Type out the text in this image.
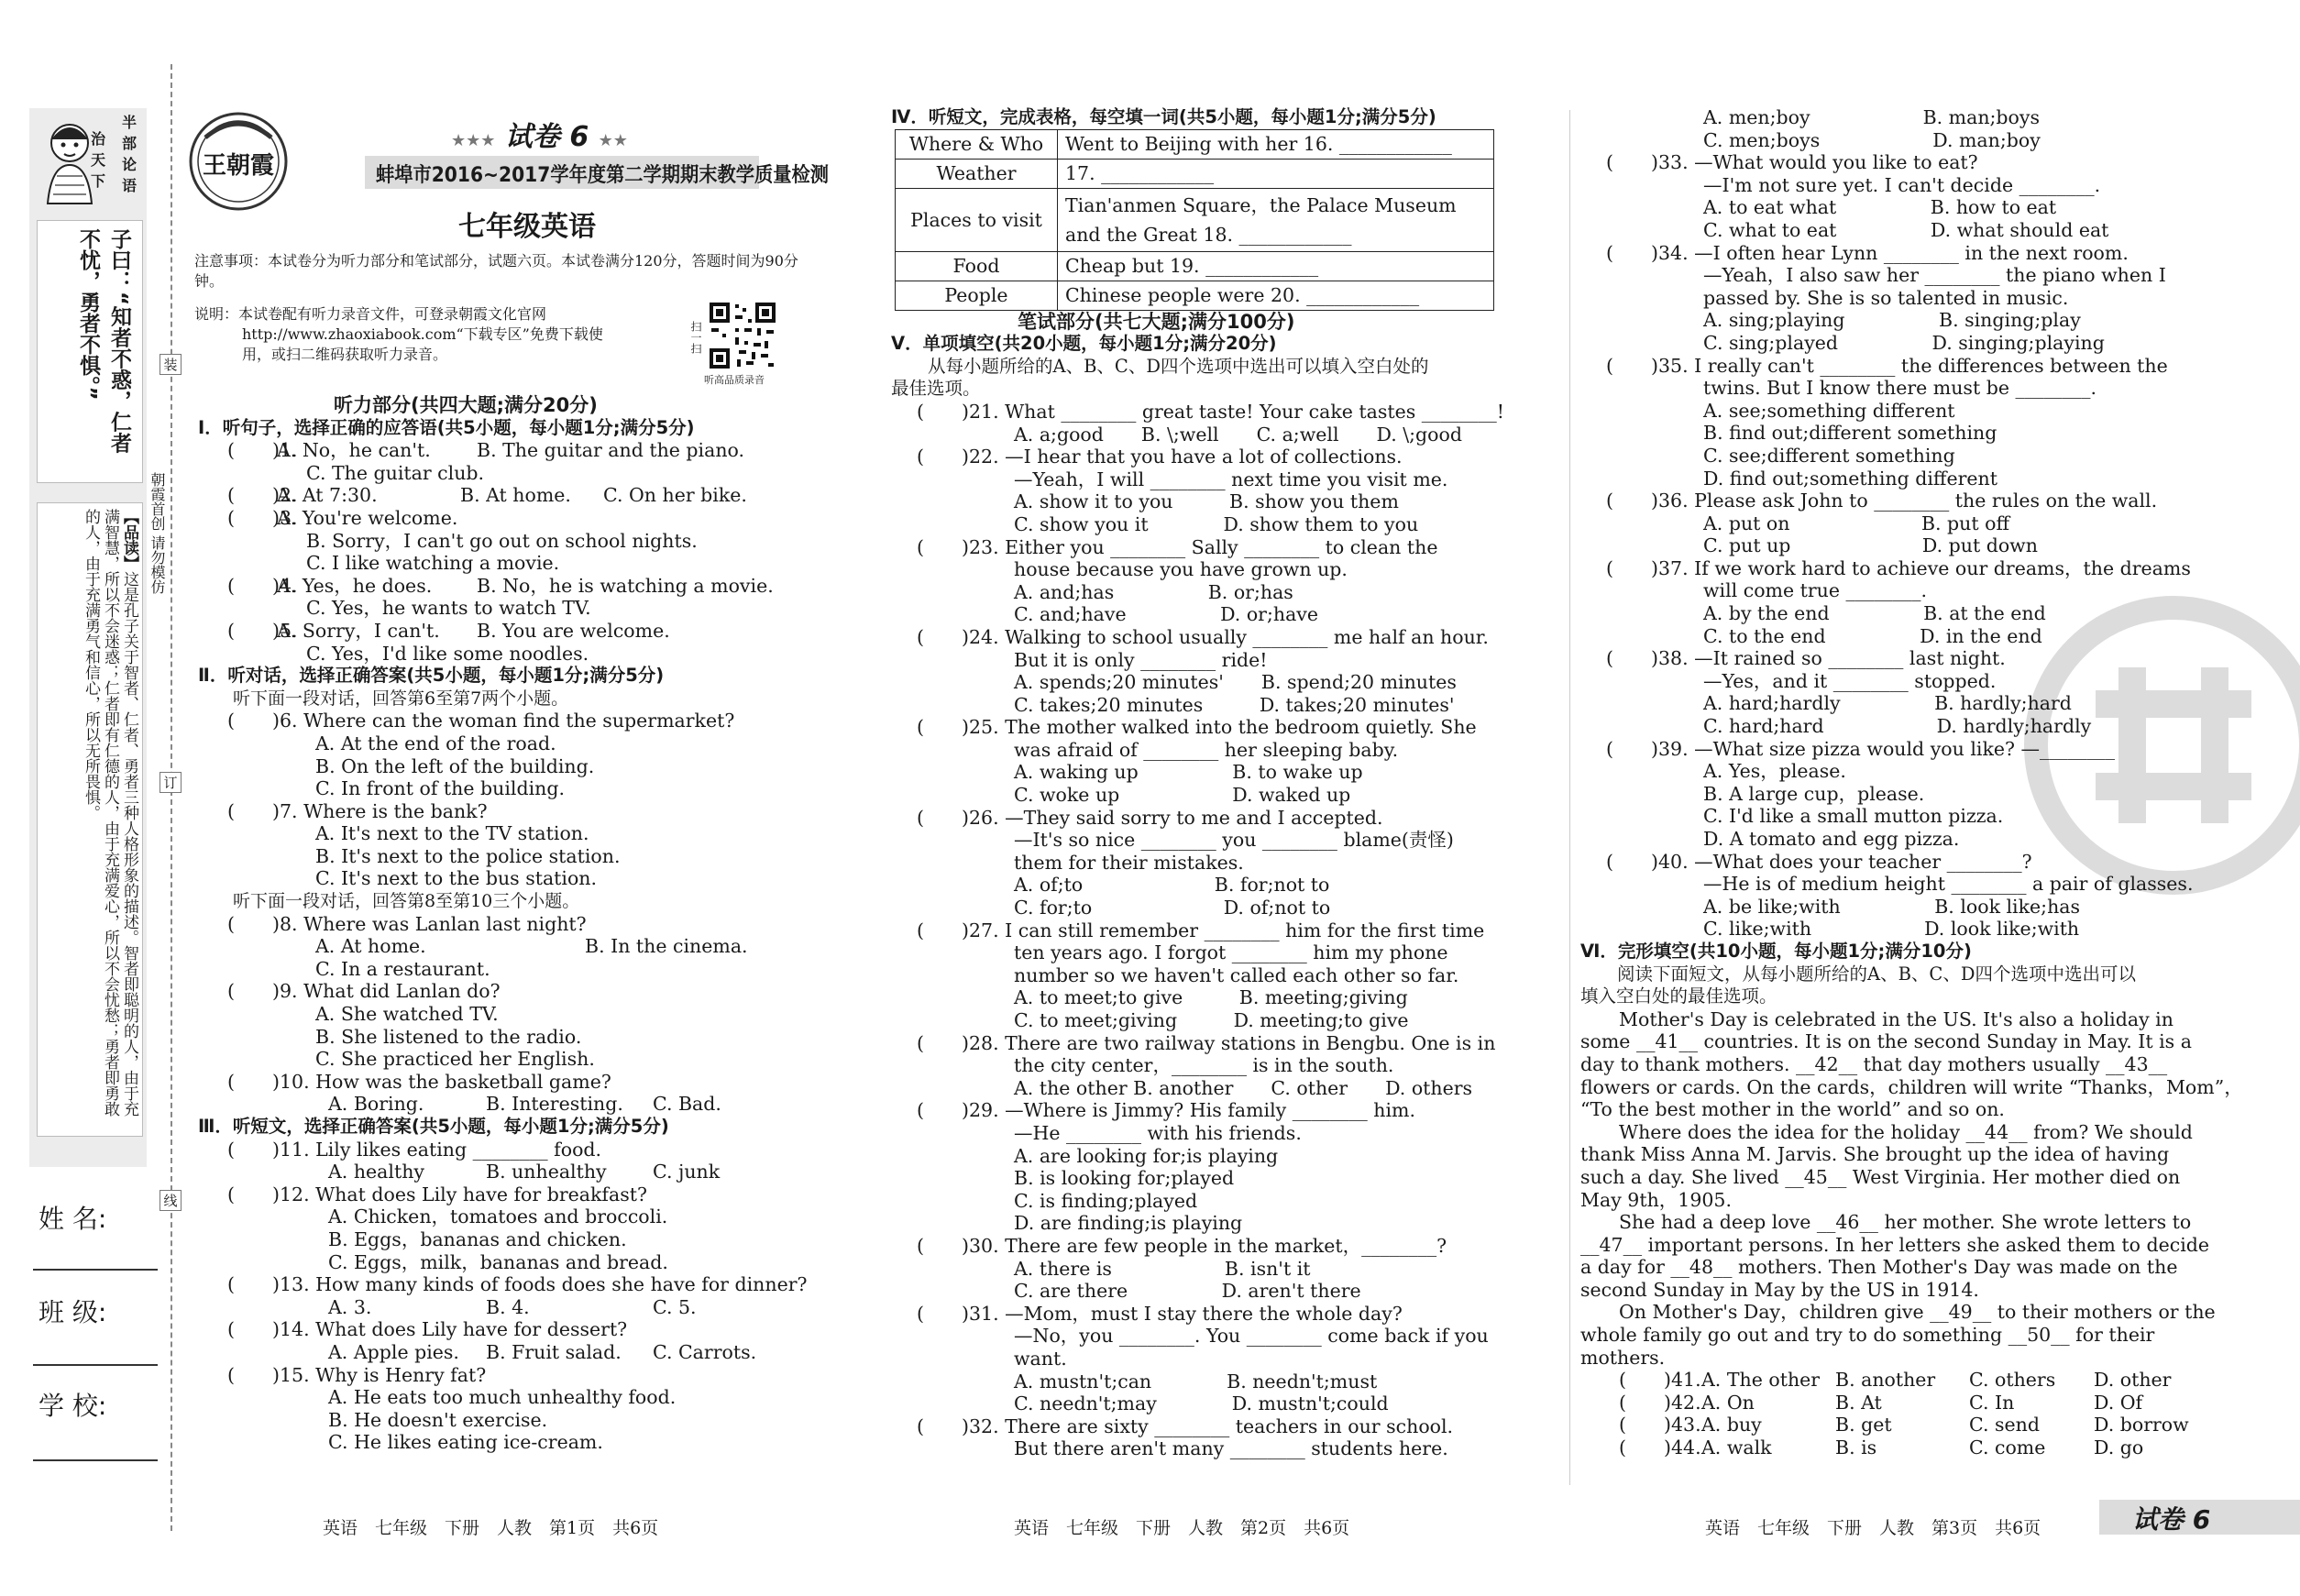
半
部
论
语
治
天
下
子曰：“知者不惑，仁者不忧，勇者不惧。”
【品读】这是孔子关于智者、仁者、勇者三种人格形象的描述。智者即聪明的人，由于充满智慧，所以不会迷惑；仁者即有仁德的人，由于充满爱心，所以不会忧愁；勇者即勇敢的人，由于充满勇气和信心，所以无所畏惧。
姓 名:
班 级:
学 校:
装
订
线
朝霞首创 请勿模仿
王朝霞
★★★ 试卷 6 ★★
蚌埠市2016~2017学年度第二学期期末教学质量检测
七年级英语
注意事项：本试卷分为听力部分和笔试部分，试题六页。本试卷满分120分，答题时间为90分钟。
说明：本试卷配有听力录音文件，可登录朝霞文化官网
http://www.zhaoxiabook.com“下载专区”免费下载使
用，或扫二维码获取听力录音。
扫一扫
听高品质录音
听力部分(共四大题;满分20分)
Ⅰ．听句子，选择正确的应答语(共5小题，每小题1分;满分5分)
(　　)1.A. No，he can't. B. The guitar and the piano.
C. The guitar club.
(　　)2.A. At 7:30.	B. At home. C. On her bike.
(　　)3.A. You're welcome.
B. Sorry，I can't go out on school nights.
C. I like watching a movie.
(　　)4.A. Yes，he does. B. No，he is watching a movie.
C. Yes，he wants to watch TV.
(　　)5.A. Sorry，I can't. B. You are welcome.
C. Yes，I'd like some noodles.
Ⅱ．听对话，选择正确答案(共5小题，每小题1分;满分5分)
听下面一段对话，回答第6至第7两个小题。
(　　)6. Where can the woman find the supermarket?
A. At the end of the road.
B. On the left of the building.
C. In front of the building.
(　　)7. Where is the bank?
A. It's next to the TV station.
B. It's next to the police station.
C. It's next to the bus station.
听下面一段对话，回答第8至第10三个小题。
(　　)8. Where was Lanlan last night?
A. At home.	B. In the cinema.
C. In a restaurant.
(　　)9. What did Lanlan do?
A. She watched TV.
B. She listened to the radio.
C. She practiced her English.
(　　)10. How was the basketball game?
A. Boring.	B. Interesting. C. Bad.
Ⅲ．听短文，选择正确答案(共5小题，每小题1分;满分5分)
(　　)11. Lily likes eating ________ food.
A. healthy	B. unhealthy C. junk
(　　)12. What does Lily have for breakfast?
A. Chicken，tomatoes and broccoli.
B. Eggs，bananas and chicken.
C. Eggs，milk，bananas and bread.
(　　)13. How many kinds of foods does she have for dinner?
A. 3.	B. 4.	C. 5.
(　　)14. What does Lily have for dessert?
A. Apple pies. B. Fruit salad. C. Carrots.
(　　)15. Why is Henry fat?
A. He eats too much unhealthy food.
B. He doesn't exercise.
C. He likes eating ice-cream.
英语　七年级　下册　人教　第1页　共6页
Ⅳ．听短文，完成表格，每空填一词(共5小题，每小题1分;满分5分)
Where & Who	Went to Beijing with her 16. ____________
Weather	17. ____________
Places to visit	Tian'anmen Square，the Palace Museum and the Great 18. ____________
Food	Cheap but 19. ____________
People	Chinese people were 20. ____________
笔试部分(共七大题;满分100分)
Ⅴ．单项填空(共20小题，每小题1分;满分20分)
从每小题所给的A、B、C、D四个选项中选出可以填入空白处的
最佳选项。
(　　)21. What ________ great taste! Your cake tastes ________!
A. a;good　　B. \;well　　C. a;well　　D. \;good
(　　)22. —I hear that you have a lot of collections.
—Yeah，I will ________ next time you visit me.
A. show it to you　　　B. show you them
C. show you it　　　　D. show them to you
(　　)23. Either you ________ Sally ________ to clean the
house because you have grown up.
A. and;has　　　　　B. or;has
C. and;have　　　　　D. or;have
(　　)24. Walking to school usually ________ me half an hour.
But it is only ________ ride!
A. spends;20 minutes'　　B. spend;20 minutes
C. takes;20 minutes　　　D. takes;20 minutes'
(　　)25. The mother walked into the bedroom quietly. She
was afraid of ________ her sleeping baby.
A. waking up　　　　　B. to wake up
C. woke up　　　　　　D. waked up
(　　)26. —They said sorry to me and I accepted.
—It's so nice ________ you ________ blame(责怪)
them for their mistakes.
A. of;to　　　　　　　B. for;not to
C. for;to　　　　　　　D. of;not to
(　　)27. I can still remember ________ him for the first time
ten years ago. I forgot ________ him my phone
number so we haven't called each other so far.
A. to meet;to give　　　B. meeting;giving
C. to meet;giving　　　D. meeting;to give
(　　)28. There are two railway stations in Bengbu. One is in
the city center，________ is in the south.
A. the other B. another　　C. other　　D. others
(　　)29. —Where is Jimmy? His family ________ him.
—He ________ with his friends.
A. are looking for;is playing
B. is looking for;played
C. is finding;played
D. are finding;is playing
(　　)30. There are few people in the market，________?
A. there is　　　　　　B. isn't it
C. are there　　　　　D. aren't there
(　　)31. —Mom，must I stay there the whole day?
—No，you ________. You ________ come back if you
want.
A. mustn't;can　　　　B. needn't;must
C. needn't;may　　　　D. mustn't;could
(　　)32. There are sixty ________ teachers in our school.
But there aren't many ________ students here.
英语　七年级　下册　人教　第2页　共6页
A. men;boy　　　　　　B. man;boys
C. men;boys　　　　　　D. man;boy
(　　)33. —What would you like to eat?
—I'm not sure yet. I can't decide ________.
A. to eat what　　　　　B. how to eat
C. what to eat　　　　　D. what should eat
(　　)34. —I often hear Lynn ________ in the next room.
—Yeah，I also saw her ________ the piano when I
passed by. She is so talented in music.
A. sing;playing　　　　　B. singing;play
C. sing;played　　　　　D. singing;playing
(　　)35. I really can't ________ the differences between the
twins. But I know there must be ________.
A. see;something different
B. find out;different something
C. see;different something
D. find out;something different
(　　)36. Please ask John to ________ the rules on the wall.
A. put on　　　　　　　B. put off
C. put up　　　　　　　D. put down
(　　)37. If we work hard to achieve our dreams，the dreams
will come true ________.
A. by the end　　　　　B. at the end
C. to the end　　　　　D. in the end
(　　)38. —It rained so ________ last night.
—Yes，and it ________ stopped.
A. hard;hardly　　　　　B. hardly;hard
C. hard;hard　　　　　　D. hardly;hardly
(　　)39. —What size pizza would you like? —________
A. Yes，please.
B. A large cup，please.
C. I'd like a small mutton pizza.
D. A tomato and egg pizza.
(　　)40. —What does your teacher ________?
—He is of medium height ________ a pair of glasses.
A. be like;with　　　　　B. look like;has
C. like;with　　　　　　D. look like;with
Ⅵ．完形填空(共10小题，每小题1分;满分10分)
阅读下面短文，从每小题所给的A、B、C、D四个选项中选出可以
填入空白处的最佳选项。
Mother's Day is celebrated in the US. It's also a holiday in
some __41__ countries. It is on the second Sunday in May. It is a
day to thank mothers. __42__ that day mothers usually __43__
flowers or cards. On the cards，children will write “Thanks，Mom”，
“To the best mother in the world” and so on.
Where does the idea for the holiday __44__ from? We should
thank Miss Anna M. Jarvis. She brought up the idea of having
such a day. She lived __45__ West Virginia. Her mother died on
May 9th，1905.
She had a deep love __46__ her mother. She wrote letters to
__47__ important persons. In her letters she asked them to decide
a day for __48__ mothers. Then Mother's Day was made on the
second Sunday in May by the US in 1914.
On Mother's Day，children give __49__ to their mothers or the
whole family go out and try to do something __50__ for their
mothers.
(　　)41.A. The other B. another C. others D. other
(　　)42.A. On	B. At	C. In	D. Of
(　　)43.A. buy	B. get	C. send	D. borrow
(　　)44.A. walk	B. is	C. come	D. go
英语　七年级　下册　人教　第3页　共6页	试卷 6
